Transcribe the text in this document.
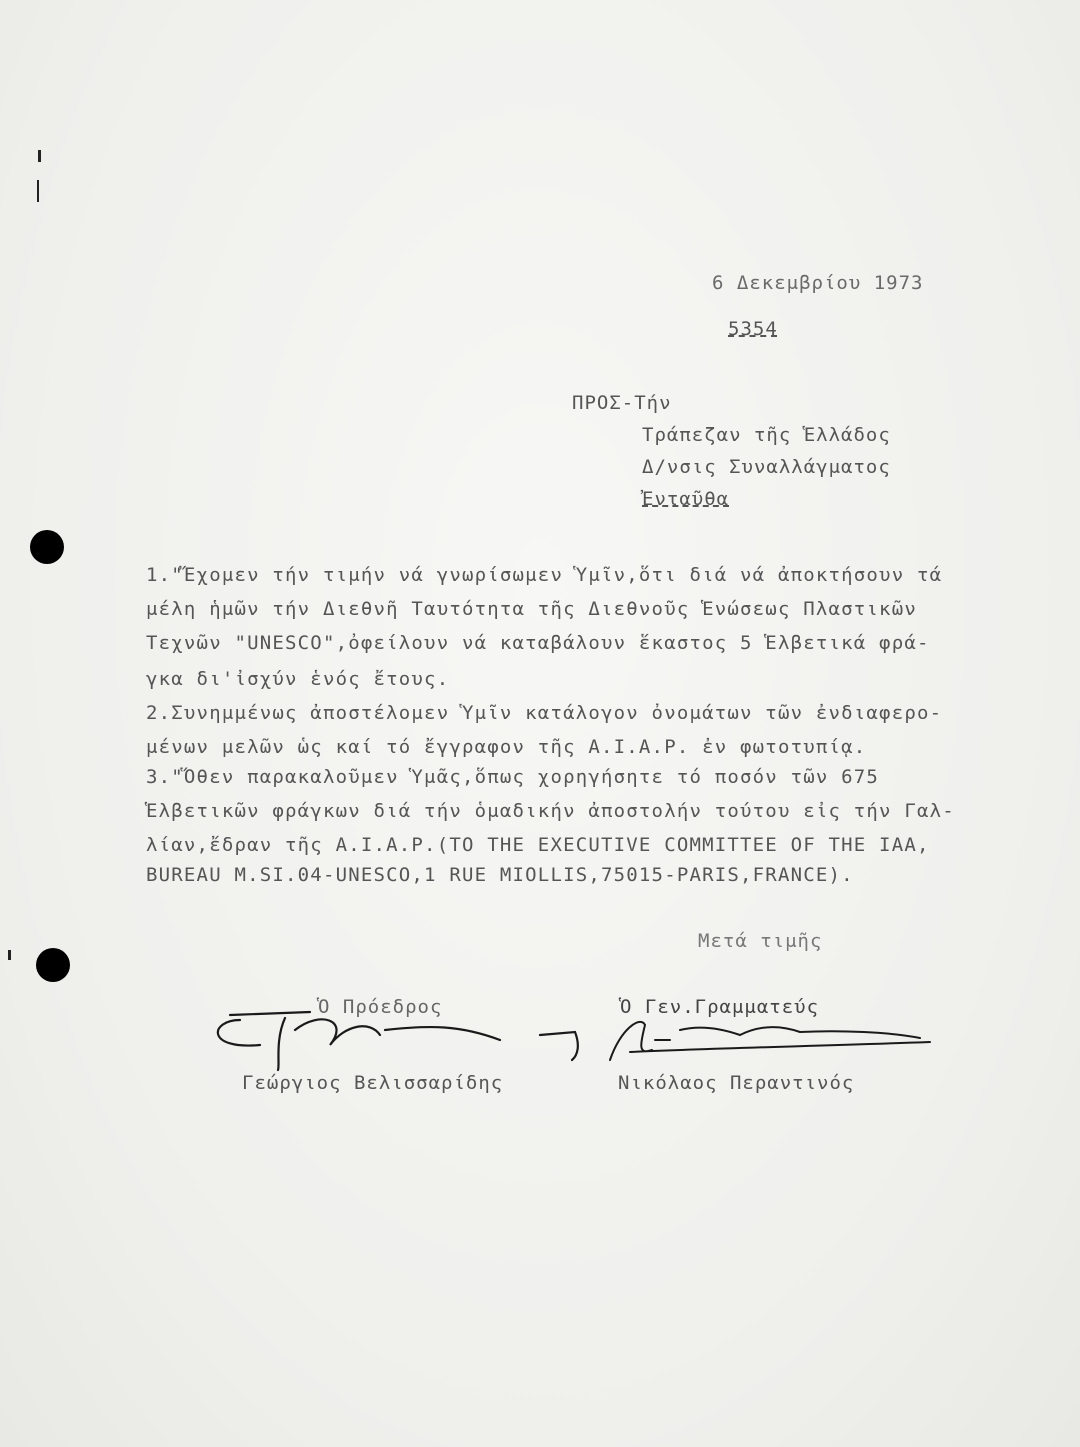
6 Δεκεμβρίου 1973
5354
ΠΡΟΣ-Τήν
Τράπεζαν τῆς Ἑλλάδος
Δ/νσις Συναλλάγματος
Ἐνταῦθα
1."Ἔχομεν τήν τιμήν νά γνωρίσωμεν Ὑμῖν,ὅτι διά νά ἀποκτήσουν τά
μέλη ἡμῶν τήν Διεθνῆ Ταυτότητα τῆς Διεθνοῦς Ἑνώσεως Πλαστικῶν
Τεχνῶν "UNESCO",ὀφείλουν νά καταβάλουν ἕκαστος 5 Ἑλβετικά φρά-
γκα δι'ἰσχύν ἑνός ἔτους.
2.Συνημμένως ἀποστέλομεν Ὑμῖν κατάλογον ὀνομάτων τῶν ἐνδιαφερο-
μένων μελῶν ὡς καί τό ἔγγραφον τῆς Α.Ι.Α.Ρ. ἐν φωτοτυπίᾳ.
3."Ὅθεν παρακαλοῦμεν Ὑμᾶς,ὅπως χορηγήσητε τό ποσόν τῶν 675
Ἑλβετικῶν φράγκων διά τήν ὁμαδικήν ἀποστολήν τούτου εἰς τήν Γαλ-
λίαν,ἔδραν τῆς Α.Ι.Α.Ρ.(TO THE EXECUTIVE COMMITTEE OF THE IAA,
BUREAU M.SI.04-UNESCO,1 RUE MIOLLIS,75015-PARIS,FRANCE).
Μετά τιμῆς
Ὁ Πρόεδρος	Ὁ Γεν.Γραμματεύς
Γεώργιος Βελισσαρίδης	Νικόλαος Περαντινός
